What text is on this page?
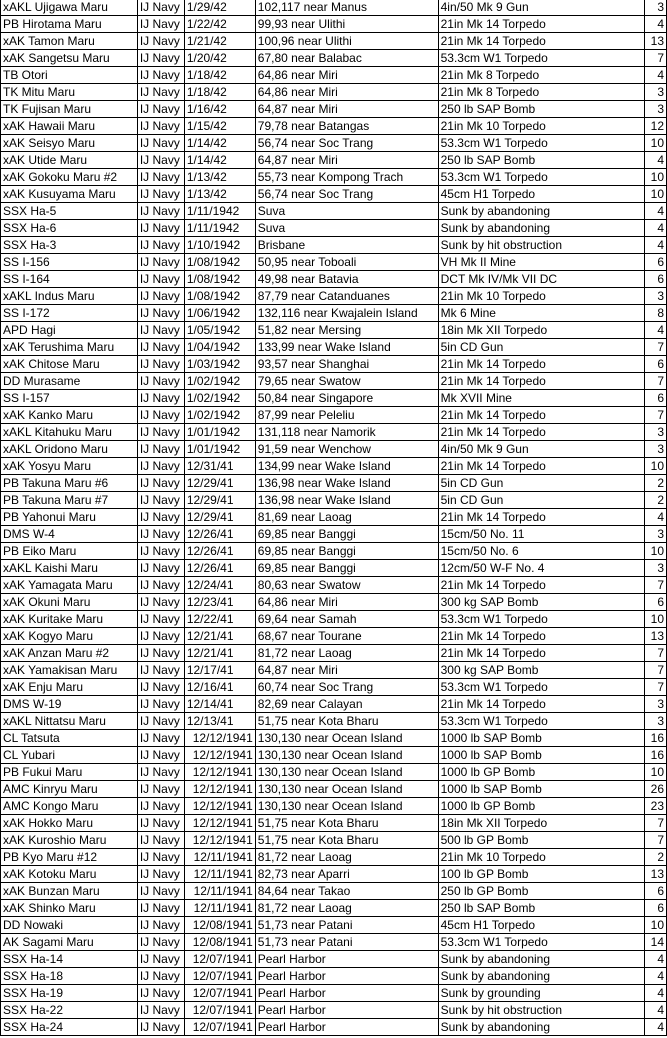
xAKL Ujigawa Maru	IJ Navy	1/29/42	102,117 near Manus	4in/50 Mk 9 Gun	3
PB Hirotama Maru	IJ Navy	1/22/42	99,93 near Ulithi	21in Mk 14 Torpedo	4
xAK Tamon Maru	IJ Navy	1/21/42	100,96 near Ulithi	21in Mk 14 Torpedo	13
xAK Sangetsu Maru	IJ Navy	1/20/42	67,80 near Balabac	53.3cm W1 Torpedo	7
TB Otori	IJ Navy	1/18/42	64,86 near Miri	21in Mk 8 Torpedo	4
TK Mitu Maru	IJ Navy	1/18/42	64,86 near Miri	21in Mk 8 Torpedo	3
TK Fujisan Maru	IJ Navy	1/16/42	64,87 near Miri	250 lb SAP Bomb	3
xAK Hawaii Maru	IJ Navy	1/15/42	79,78 near Batangas	21in Mk 10 Torpedo	12
xAK Seisyo Maru	IJ Navy	1/14/42	56,74 near Soc Trang	53.3cm W1 Torpedo	10
xAK Utide Maru	IJ Navy	1/14/42	64,87 near Miri	250 lb SAP Bomb	4
xAK Gokoku Maru #2	IJ Navy	1/13/42	55,73 near Kompong Trach	53.3cm W1 Torpedo	10
xAK Kusuyama Maru	IJ Navy	1/13/42	56,74 near Soc Trang	45cm H1 Torpedo	10
SSX Ha-5	IJ Navy	1/11/1942	Suva	Sunk by abandoning	4
SSX Ha-6	IJ Navy	1/11/1942	Suva	Sunk by abandoning	4
SSX Ha-3	IJ Navy	1/10/1942	Brisbane	Sunk by hit obstruction	4
SS I-156	IJ Navy	1/08/1942	50,95 near Toboali	VH Mk II Mine	6
SS I-164	IJ Navy	1/08/1942	49,98 near Batavia	DCT Mk IV/Mk VII DC	6
xAKL Indus Maru	IJ Navy	1/08/1942	87,79 near Catanduanes	21in Mk 10 Torpedo	3
SS I-172	IJ Navy	1/06/1942	132,116 near Kwajalein Island	Mk 6 Mine	8
APD Hagi	IJ Navy	1/05/1942	51,82 near Mersing	18in Mk XII Torpedo	4
xAK Terushima Maru	IJ Navy	1/04/1942	133,99 near Wake Island	5in CD Gun	7
xAK Chitose Maru	IJ Navy	1/03/1942	93,57 near Shanghai	21in Mk 14 Torpedo	6
DD Murasame	IJ Navy	1/02/1942	79,65 near Swatow	21in Mk 14 Torpedo	7
SS I-157	IJ Navy	1/02/1942	50,84 near Singapore	Mk XVII Mine	6
xAK Kanko Maru	IJ Navy	1/02/1942	87,99 near Peleliu	21in Mk 14 Torpedo	7
xAKL Kitahuku Maru	IJ Navy	1/01/1942	131,118 near Namorik	21in Mk 14 Torpedo	3
xAKL Oridono Maru	IJ Navy	1/01/1942	91,59 near Wenchow	4in/50 Mk 9 Gun	3
xAK Yosyu Maru	IJ Navy	12/31/41	134,99 near Wake Island	21in Mk 14 Torpedo	10
PB Takuna Maru #6	IJ Navy	12/29/41	136,98 near Wake Island	5in CD Gun	2
PB Takuna Maru #7	IJ Navy	12/29/41	136,98 near Wake Island	5in CD Gun	2
PB Yahonui Maru	IJ Navy	12/29/41	81,69 near Laoag	21in Mk 14 Torpedo	4
DMS W-4	IJ Navy	12/26/41	69,85 near Banggi	15cm/50 No. 11	3
PB Eiko Maru	IJ Navy	12/26/41	69,85 near Banggi	15cm/50 No. 6	10
xAKL Kaishi Maru	IJ Navy	12/26/41	69,85 near Banggi	12cm/50 W-F No. 4	3
xAK Yamagata Maru	IJ Navy	12/24/41	80,63 near Swatow	21in Mk 14 Torpedo	7
xAK Okuni Maru	IJ Navy	12/23/41	64,86 near Miri	300 kg SAP Bomb	6
xAK Kuritake Maru	IJ Navy	12/22/41	69,64 near Samah	53.3cm W1 Torpedo	10
xAK Kogyo Maru	IJ Navy	12/21/41	68,67 near Tourane	21in Mk 14 Torpedo	13
xAK Anzan Maru #2	IJ Navy	12/21/41	81,72 near Laoag	21in Mk 14 Torpedo	7
xAK Yamakisan Maru	IJ Navy	12/17/41	64,87 near Miri	300 kg SAP Bomb	7
xAK Enju Maru	IJ Navy	12/16/41	60,74 near Soc Trang	53.3cm W1 Torpedo	7
DMS W-19	IJ Navy	12/14/41	82,69 near Calayan	21in Mk 14 Torpedo	3
xAKL Nittatsu Maru	IJ Navy	12/13/41	51,75 near Kota Bharu	53.3cm W1 Torpedo	3
CL Tatsuta	IJ Navy	12/12/1941	130,130 near Ocean Island	1000 lb SAP Bomb	16
CL Yubari	IJ Navy	12/12/1941	130,130 near Ocean Island	1000 lb SAP Bomb	16
PB Fukui Maru	IJ Navy	12/12/1941	130,130 near Ocean Island	1000 lb GP Bomb	10
AMC Kinryu Maru	IJ Navy	12/12/1941	130,130 near Ocean Island	1000 lb SAP Bomb	26
AMC Kongo Maru	IJ Navy	12/12/1941	130,130 near Ocean Island	1000 lb GP Bomb	23
xAK Hokko Maru	IJ Navy	12/12/1941	51,75 near Kota Bharu	18in Mk XII Torpedo	7
xAK Kuroshio Maru	IJ Navy	12/12/1941	51,75 near Kota Bharu	500 lb GP Bomb	7
PB Kyo Maru #12	IJ Navy	12/11/1941	81,72 near Laoag	21in Mk 10 Torpedo	2
xAK Kotoku Maru	IJ Navy	12/11/1941	82,73 near Aparri	100 lb GP Bomb	13
xAK Bunzan Maru	IJ Navy	12/11/1941	84,64 near Takao	250 lb GP Bomb	6
xAK Shinko Maru	IJ Navy	12/11/1941	81,72 near Laoag	250 lb SAP Bomb	6
DD Nowaki	IJ Navy	12/08/1941	51,73 near Patani	45cm H1 Torpedo	10
AK Sagami Maru	IJ Navy	12/08/1941	51,73 near Patani	53.3cm W1 Torpedo	14
SSX Ha-14	IJ Navy	12/07/1941	Pearl Harbor	Sunk by abandoning	4
SSX Ha-18	IJ Navy	12/07/1941	Pearl Harbor	Sunk by abandoning	4
SSX Ha-19	IJ Navy	12/07/1941	Pearl Harbor	Sunk by grounding	4
SSX Ha-22	IJ Navy	12/07/1941	Pearl Harbor	Sunk by hit obstruction	4
SSX Ha-24	IJ Navy	12/07/1941	Pearl Harbor	Sunk by abandoning	4
